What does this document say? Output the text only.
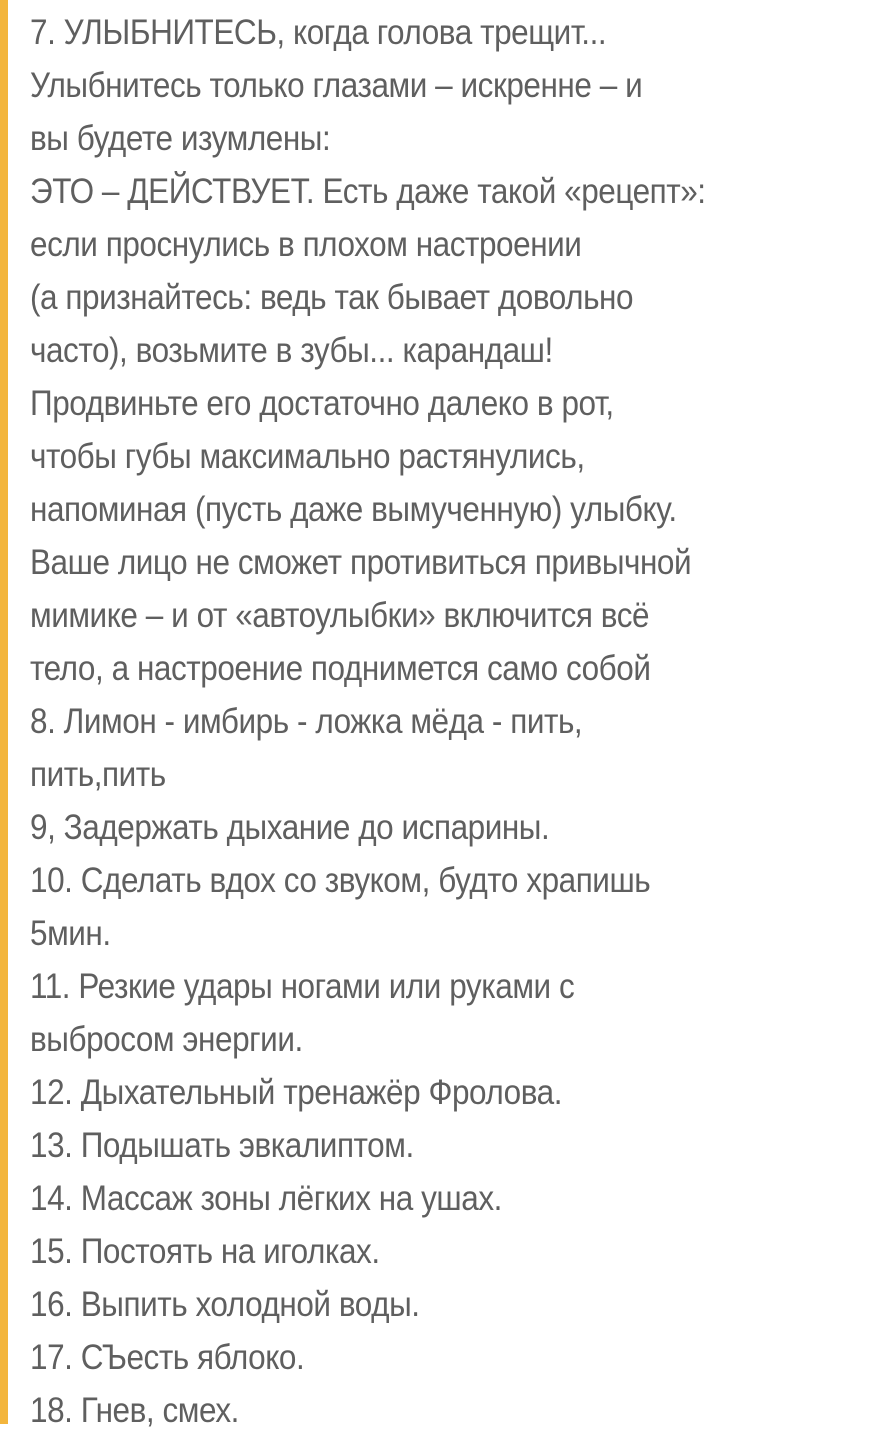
7. УЛЫБНИТЕСЬ, когда голова трещит...
Улыбнитесь только глазами – искренне – и
вы будете изумлены:
ЭТО – ДЕЙСТВУЕТ. Есть даже такой «рецепт»:
если проснулись в плохом настроении
(а признайтесь: ведь так бывает довольно
часто), возьмите в зубы... карандаш!
Продвиньте его достаточно далеко в рот,
чтобы губы максимально растянулись,
напоминая (пусть даже вымученную) улыбку.
Ваше лицо не сможет противиться привычной
мимике – и от «автоулыбки» включится всё
тело, а настроение поднимется само собой
8. Лимон - имбирь - ложка мёда - пить,
пить,пить
9, Задержать дыхание до испарины.
10. Сделать вдох со звуком, будто храпишь
5мин.
11. Резкие удары ногами или руками с
выбросом энергии.
12. Дыхательный тренажёр Фролова.
13. Подышать эвкалиптом.
14. Массаж зоны лёгких на ушах.
15. Постоять на иголках.
16. Выпить холодной воды.
17. СЪесть яблоко.
18. Гнев, смех.
